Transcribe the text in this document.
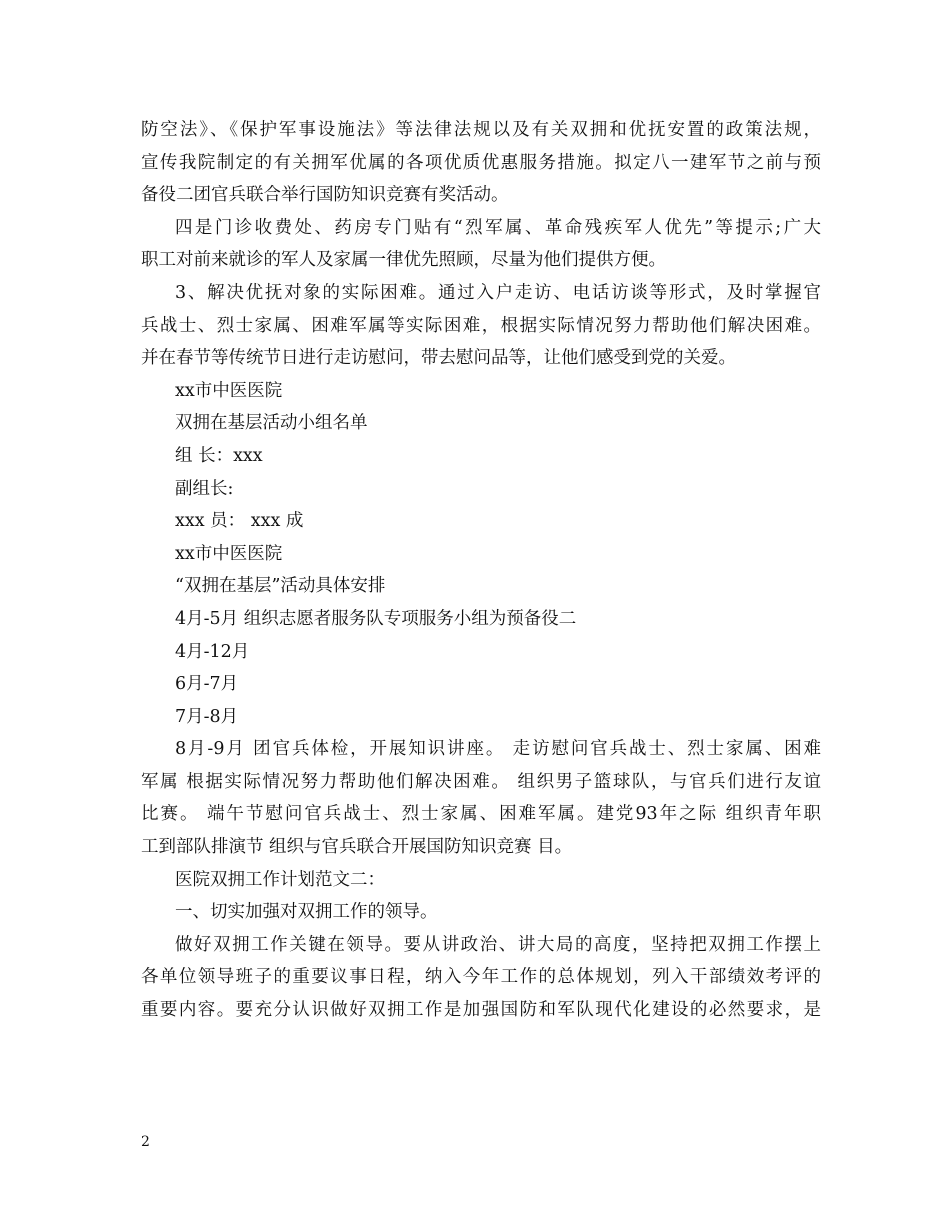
防空法》、《保护军事设施法》等法律法规以及有关双拥和优抚安置的政策法规，
宣传我院制定的有关拥军优属的各项优质优惠服务措施。拟定八一建军节之前与预
备役二团官兵联合举行国防知识竞赛有奖活动。
四是门诊收费处、药房专门贴有“烈军属、革命残疾军人优先”等提示;广大
职工对前来就诊的军人及家属一律优先照顾，尽量为他们提供方便。
3、解决优抚对象的实际困难。通过入户走访、电话访谈等形式，及时掌握官
兵战士、烈士家属、困难军属等实际困难，根据实际情况努力帮助他们解决困难。
并在春节等传统节日进行走访慰问，带去慰问品等，让他们感受到党的关爱。
xx市中医医院
双拥在基层活动小组名单
组 长：xxx
副组长:
xxx 员： xxx 成
xx市中医医院
“双拥在基层”活动具体安排
4月-5月 组织志愿者服务队专项服务小组为预备役二
4月-12月
6月-7月
7月-8月
8月-9月 团官兵体检，开展知识讲座。 走访慰问官兵战士、烈士家属、困难
军属 根据实际情况努力帮助他们解决困难。 组织男子篮球队，与官兵们进行友谊
比赛。 端午节慰问官兵战士、烈士家属、困难军属。建党93年之际 组织青年职
工到部队排演节 组织与官兵联合开展国防知识竞赛 目。
医院双拥工作计划范文二：
一、切实加强对双拥工作的领导。
做好双拥工作关键在领导。要从讲政治、讲大局的高度，坚持把双拥工作摆上
各单位领导班子的重要议事日程，纳入今年工作的总体规划，列入干部绩效考评的
重要内容。要充分认识做好双拥工作是加强国防和军队现代化建设的必然要求，是
2
